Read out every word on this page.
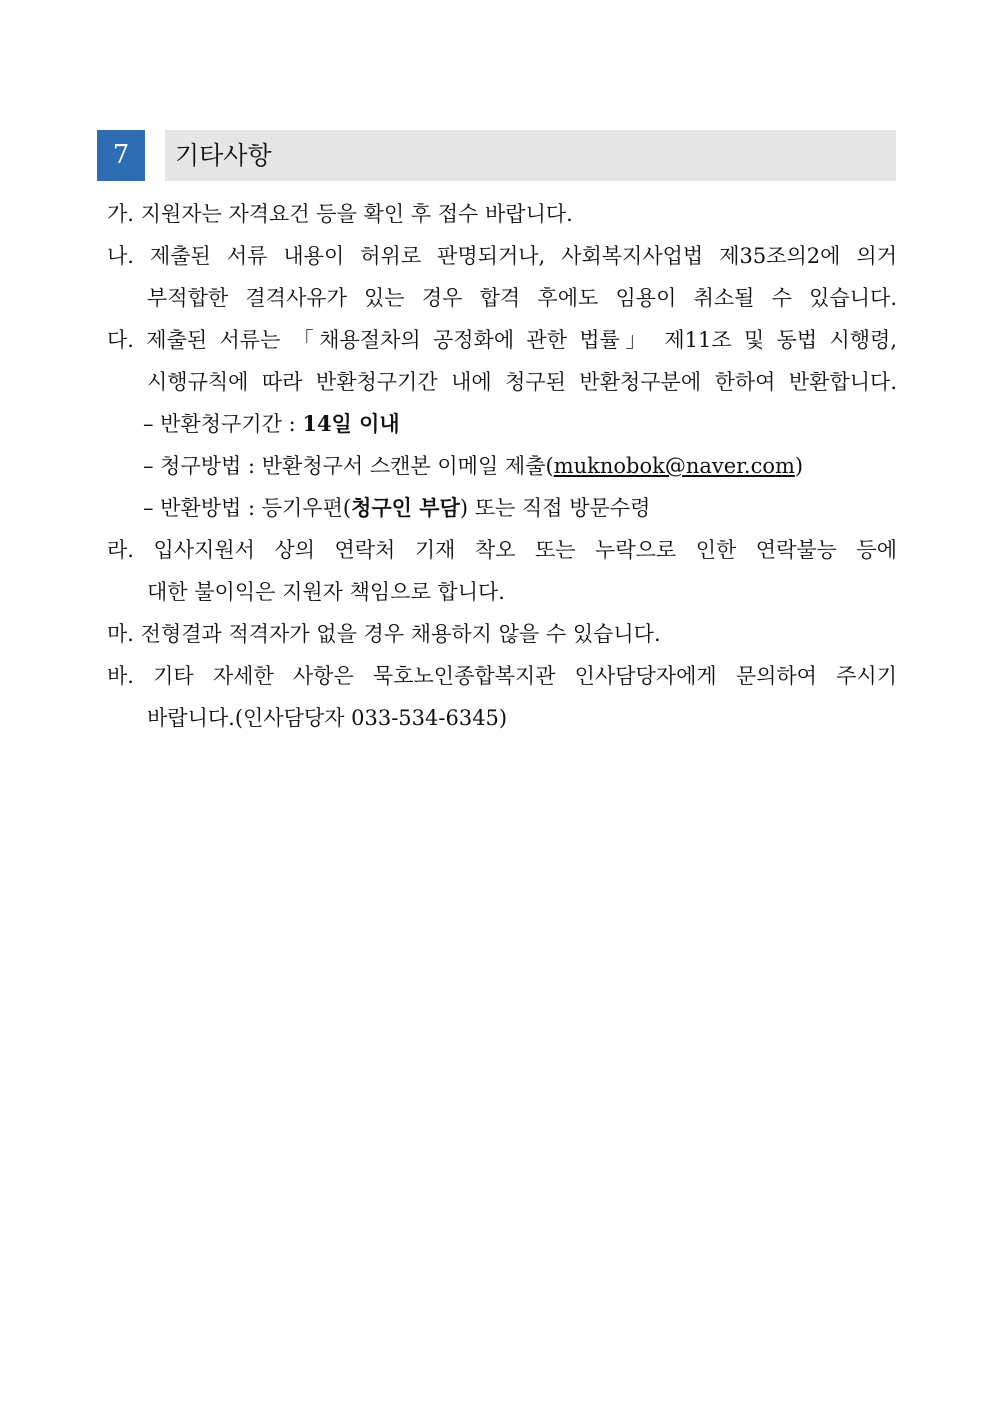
7	기타사항
가. 지원자는 자격요건 등을 확인 후 접수 바랍니다.
나. 제출된 서류 내용이 허위로 판명되거나, 사회복지사업법 제35조의2에 의거
부적합한 결격사유가 있는 경우 합격 후에도 임용이 취소될 수 있습니다.
다. 제출된 서류는 「채용절차의 공정화에 관한 법률」 제11조 및 동법 시행령,
시행규칙에 따라 반환청구기간 내에 청구된 반환청구분에 한하여 반환합니다.
– 반환청구기간 : 14일 이내
– 청구방법 : 반환청구서 스캔본 이메일 제출(muknobok@naver.com)
– 반환방법 : 등기우편(청구인 부담) 또는 직접 방문수령
라. 입사지원서 상의 연락처 기재 착오 또는 누락으로 인한 연락불능 등에
대한 불이익은 지원자 책임으로 합니다.
마. 전형결과 적격자가 없을 경우 채용하지 않을 수 있습니다.
바. 기타 자세한 사항은 묵호노인종합복지관 인사담당자에게 문의하여 주시기
바랍니다.(인사담당자 033-534-6345)
